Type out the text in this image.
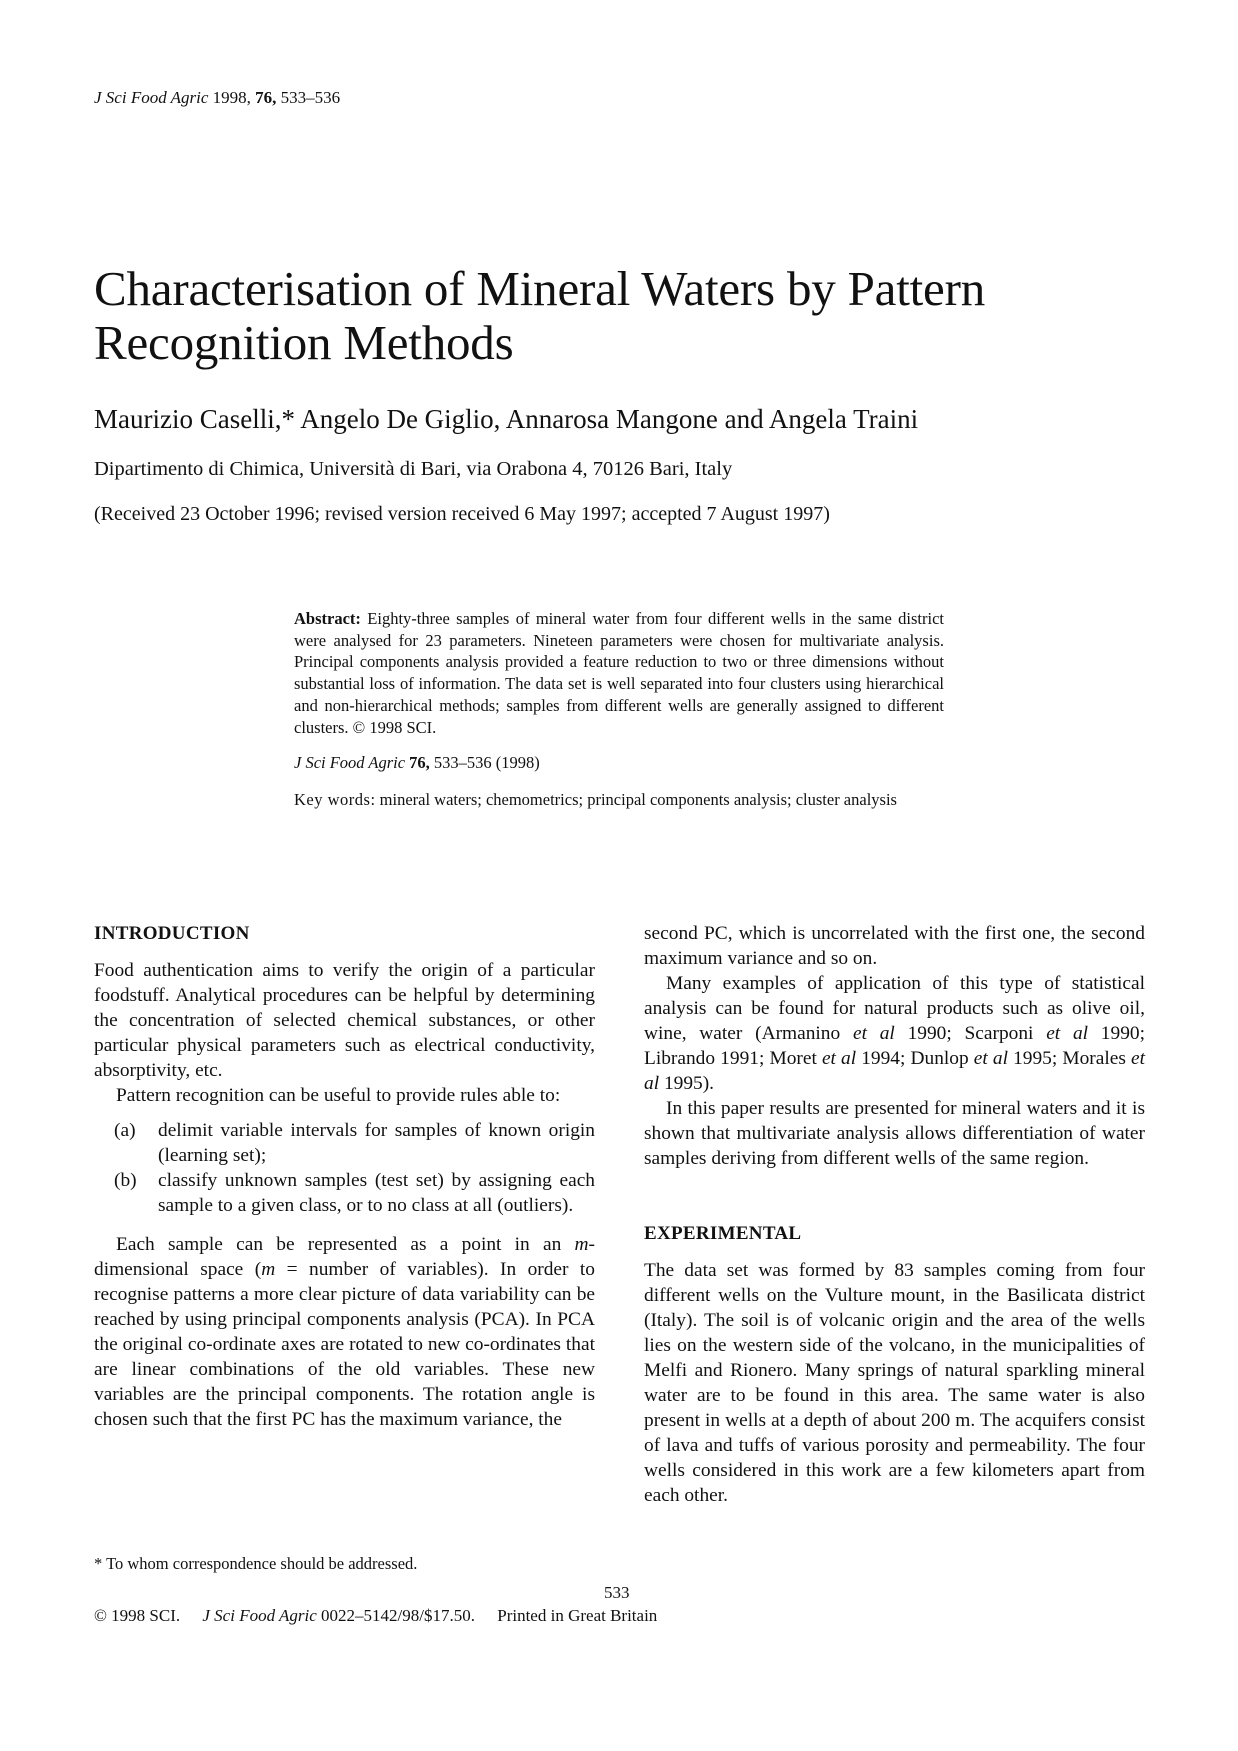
J Sci Food Agric 1998, 76, 533–536
Characterisation of Mineral Waters by Pattern Recognition Methods
Maurizio Caselli,* Angelo De Giglio, Annarosa Mangone and Angela Traini
Dipartimento di Chimica, Università di Bari, via Orabona 4, 70126 Bari, Italy
(Received 23 October 1996; revised version received 6 May 1997; accepted 7 August 1997)

Abstract: Eighty-three samples of mineral water from four different wells in the same district were analysed for 23 parameters. Nineteen parameters were chosen for multivariate analysis. Principal components analysis provided a feature reduction to two or three dimensions without substantial loss of information. The data set is well separated into four clusters using hierarchical and non-hierarchical methods; samples from different wells are generally assigned to different clusters. © 1998 SCI.

J Sci Food Agric 76, 533–536 (1998)

Key words: mineral waters; chemometrics; principal components analysis; cluster analysis

INTRODUCTION

Food authentication aims to verify the origin of a particular foodstuff. Analytical procedures can be helpful by determining the concentration of selected chemical substances, or other particular physical parameters such as electrical conductivity, absorptivity, etc.

Pattern recognition can be useful to provide rules able to:

(a)	delimit variable intervals for samples of known origin (learning set);
(b)	classify unknown samples (test set) by assigning each sample to a given class, or to no class at all (outliers).

Each sample can be represented as a point in an m-dimensional space (m = number of variables). In order to recognise patterns a more clear picture of data variability can be reached by using principal components analysis (PCA). In PCA the original co-ordinate axes are rotated to new co-ordinates that are linear combinations of the old variables. These new variables are the principal components. The rotation angle is chosen such that the first PC has the maximum variance, the

second PC, which is uncorrelated with the first one, the second maximum variance and so on.

Many examples of application of this type of statistical analysis can be found for natural products such as olive oil, wine, water (Armanino et al 1990; Scarponi et al 1990; Librando 1991; Moret et al 1994; Dunlop et al 1995; Morales et al 1995).

In this paper results are presented for mineral waters and it is shown that multivariate analysis allows differentiation of water samples deriving from different wells of the same region.

EXPERIMENTAL

The data set was formed by 83 samples coming from four different wells on the Vulture mount, in the Basilicata district (Italy). The soil is of volcanic origin and the area of the wells lies on the western side of the volcano, in the municipalities of Melfi and Rionero. Many springs of natural sparkling mineral water are to be found in this area. The same water is also present in wells at a depth of about 200 m. The acquifers consist of lava and tuffs of various porosity and permeability. The four wells considered in this work are a few kilometers apart from each other.

* To whom correspondence should be addressed.
533
© 1998 SCI. J Sci Food Agric 0022–5142/98/$17.50. Printed in Great Britain
